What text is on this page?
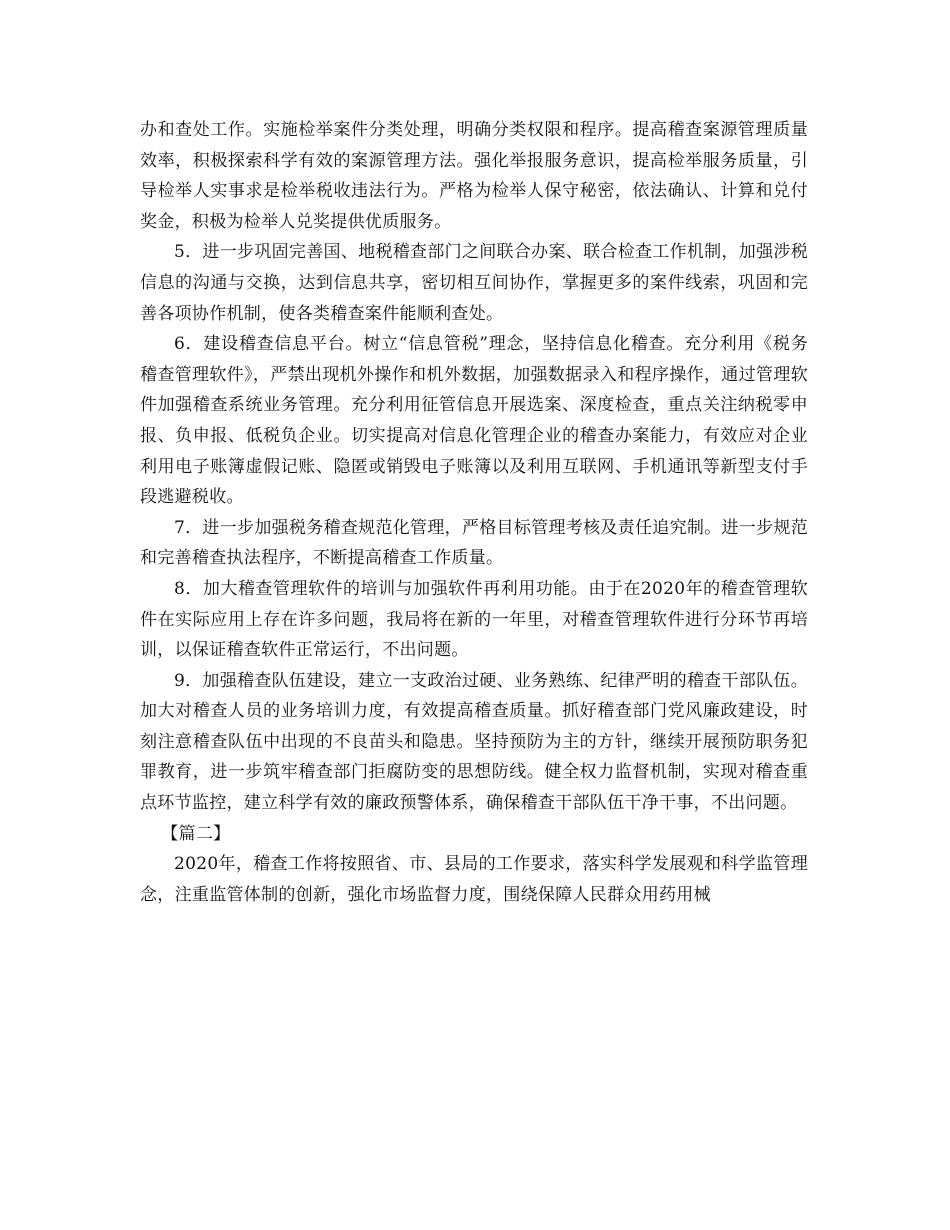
办和查处工作。实施检举案件分类处理，明确分类权限和程序。提高稽查案源管理质量效率，积极探索科学有效的案源管理方法。强化举报服务意识，提高检举服务质量，引导检举人实事求是检举税收违法行为。严格为检举人保守秘密，依法确认、计算和兑付奖金，积极为检举人兑奖提供优质服务。

5．进一步巩固完善国、地税稽查部门之间联合办案、联合检查工作机制，加强涉税信息的沟通与交换，达到信息共享，密切相互间协作，掌握更多的案件线索，巩固和完善各项协作机制，使各类稽查案件能顺利查处。

6．建设稽查信息平台。树立“信息管税”理念，坚持信息化稽查。充分利用《税务稽查管理软件》，严禁出现机外操作和机外数据，加强数据录入和程序操作，通过管理软件加强稽查系统业务管理。充分利用征管信息开展选案、深度检查，重点关注纳税零申报、负申报、低税负企业。切实提高对信息化管理企业的稽查办案能力，有效应对企业利用电子账簿虚假记账、隐匿或销毁电子账簿以及利用互联网、手机通讯等新型支付手段逃避税收。

7．进一步加强税务稽查规范化管理，严格目标管理考核及责任追究制。进一步规范和完善稽查执法程序，不断提高稽查工作质量。

8．加大稽查管理软件的培训与加强软件再利用功能。由于在2020年的稽查管理软件在实际应用上存在许多问题，我局将在新的一年里，对稽查管理软件进行分环节再培训，以保证稽查软件正常运行，不出问题。

9．加强稽查队伍建设，建立一支政治过硬、业务熟练、纪律严明的稽查干部队伍。加大对稽查人员的业务培训力度，有效提高稽查质量。抓好稽查部门党风廉政建设，时刻注意稽查队伍中出现的不良苗头和隐患。坚持预防为主的方针，继续开展预防职务犯罪教育，进一步筑牢稽查部门拒腐防变的思想防线。健全权力监督机制，实现对稽查重点环节监控，建立科学有效的廉政预警体系，确保稽查干部队伍干净干事，不出问题。

【篇二】

2020年，稽查工作将按照省、市、县局的工作要求，落实科学发展观和科学监管理念，注重监管体制的创新，强化市场监督力度，围绕保障人民群众用药用械
